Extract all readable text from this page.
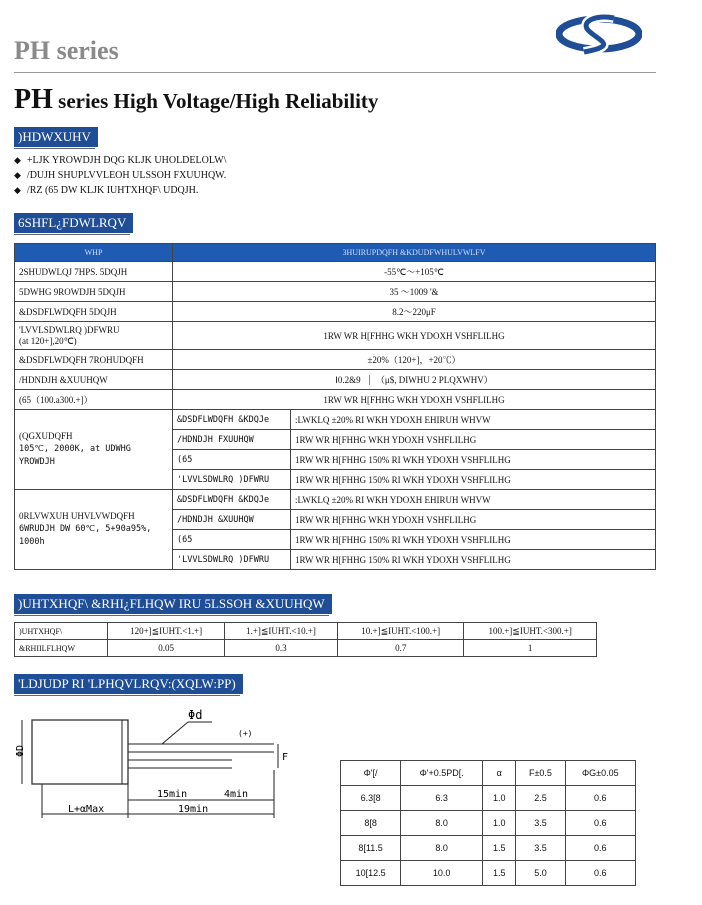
PH series
PH series High Voltage/High Reliability
)HDWXUHV
◆ +LJK YROWDJH DQG KLJK UHOLDELOLW\
◆ /DUJH SHUPLVVLEOH ULSSOH FXUUHQW.
◆ /RZ (65 DW KLJK IUHTXHQF\ UDQJH.
6SHFL¿FDWLRQV
WHP	3HUIRUPDQFH &KDUDFWHULVWLFV	
2SHUDWLQJ 7HPS. 5DQJH	-55℃～+105℃	
5DWHG 9ROWDJH 5DQJH	35 ～1009 '&	
&DSDFLWDQFH 5DQJH	8.2～220μF	

'LVVLSDWLRQ )DFWRU
(at 120+],20℃)	1RW WR H[FHHG WKH YDOXH VSHFLILHG	
&DSDFLWDQFH 7ROHUDQFH	±20%（120+]，+20℃）	
/HDNDJH &XUUHQW	Ⅰ0.2&9 （μ$, DIWHU 2 PLQXWHV）	
(65（100.a300.+]）	1RW WR H[FHHG WKH YDOXH VSHFLILHG	

(QGXUDQFH
105℃, 2000K, at UDWHG YROWDJH	&DSDFLWDQFH &KDQJe	:LWKLQ ±20% RI WKH YDOXH EHIRUH WHVW
	/HDNDJH FXUUHQW	1RW WR H[FHHG WKH YDOXH VSHFLILHG
	(65	1RW WR H[FHHG 150% RI WKH YDOXH VSHFLILHG
	'LVVLSDWLRQ )DFWRU	1RW WR H[FHHG 150% RI WKH YDOXH VSHFLILHG

0RLVWXUH UHVLVWDQFH
6WRUDJH DW 60℃, 5+90a95%,
1000h	&DSDFLWDQFH &KDQJe	:LWKLQ ±20% RI WKH YDOXH EHIRUH WHVW
	/HDNDJH &XUUHQW	1RW WR H[FHHG WKH YDOXH VSHFLILHG
	(65	1RW WR H[FHHG 150% RI WKH YDOXH VSHFLILHG
	'LVVLSDWLRQ )DFWRU	1RW WR H[FHHG 150% RI WKH YDOXH VSHFLILHG
)UHTXHQF\ &RHI¿FLHQW IRU 5LSSOH &XUUHQW
)UHTXHQF\	120+]≦IUHT.<1.+]	1.+]≦IUHT.<10.+]	10.+]≦IUHT.<100.+]	100.+]≦IUHT.<300.+]
&RHIILFLHQW	0.05	0.3	0.7	1
'LDJUDP RI 'LPHQVLRQV:(XQLW:PP)
ΦD
Φd
(+)
F
15min	4min
L+αMax	19min
Φ'[/	Φ'+0.5PD[.	α	F±0.5	ΦG±0.05
6.3[8	6.3	1.0	2.5	0.6
8[8	8.0	1.0	3.5	0.6
8[11.5	8.0	1.5	3.5	0.6
10[12.5	10.0	1.5	5.0	0.6
